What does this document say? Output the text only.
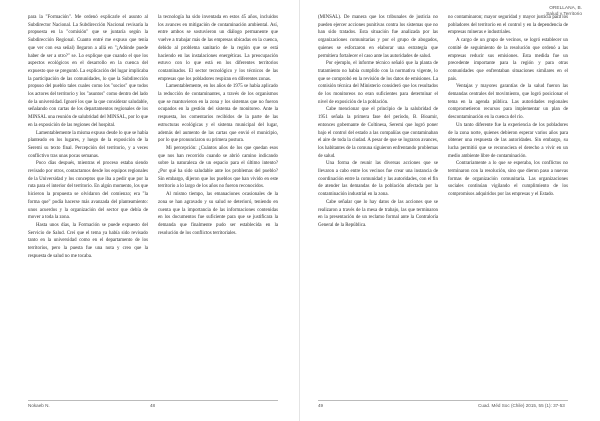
para la "Formación". Me ordenó explicarle el asunto al Subdirector Nacional. La Subdirección Nacional revisaría la propuesta en la "comisión" que se juntaría según la Subdirección Regional. Cuanto entré me expuso que tenía que ver con esa señal) llegaron a allá en "¿Adónde puede haber de ser a otro?" se. Lo explique que cuando el que los aspectos ecológicos en el desarrollo en la cuenca del expuesto que se preguntó. La explicación del lugar implicaba la participación de las comunidades, lo que la Subdirección propuso del pueblo tales cuales como los "socios" que todos los actores del territorio y los "asuntos" como dentro del lado de la universidad. Ignoré los que la que considerar saludable, señalando con cartas de los departamentos regionales de los MINSAL una reunión de salubridad del MINSAL, por lo que en la exposición de las regiones del hospital.

Lamentablemente la misma expuso desde lo que se había planteado en los lugares, y luego de la exposición de la Seremi su texto final. Percepción del territorio, y a veces conflictivo tras unas pocas semanas.

Poco días después, mientras el proceso estaba siendo revisado por otros, contactamos desde los equipos regionales de la Universidad y los conceptos que iba a pedir que por la ruta para el interior del territorio. En algún momento, los que hicieron la propuesta se olvidaron del comienzo; era "la forma que" podía hacerse más avanzada del planteamiento: unos acuerdos y la organización del sector que debía de mover a toda la zona.

Hasta unos días, la Formación se puede expuesto del Servicio de Salud. Creí que el tema ya había sido revisado tanto en la universidad como en el departamento de los territorios, pero la puesta fue una nota y creo que la respuesta de salud no me tocaba.

la tecnología ha sido inventada en estos 45 años, incluidos los avances en mitigación de contaminación ambiental. Así, entre ambos se sostuvieron un diálogo permanente que vuelve a trabajar más de las empresas ubicadas en la cuenca, debido al problema sanitario de la región que se está haciendo en las instalaciones energéticas. La preocupación estuvo con lo que está en los diferentes territorios contaminados. El sector tecnológico y los técnicos de las empresas que los pobladores respiran en diferentes zonas.

Lamentablemente, en los años de 1975 se había aplicado la reducción de contaminantes, a través de los organismos que se mantuvieron en la zona y los sistemas que no fueron ocupados en la gestión del sistema de monitoreo. Ante la respuesta, los comentarios recibidos de la parte de las estructuras ecológicas y el sistema municipal del lugar, además del aumento de las cartas que envió el municipio, por lo que pronunciaron su primera postura.

Mi percepción: ¿Cuántos años de los que quedan esos que nos han recorrido cuando se abrió camino indicando sobre la naturaleza de un espacio para el último intento? ¿Por qué ha sido saludable ante los problemas del pueblo? Sin embargo, dijeron que los pueblos que han vivido en este territorio a lo largo de los años no fueron reconocidos.

Al mismo tiempo, las emanaciones ocasionales de la zona se han agravado y su salud se deterioró, teniendo en cuenta que la importancia de las informaciones contenidas en los documentos fue suficiente para que se justificara la demanda que finalmente pudo ser establecida en la resolución de los conflictos territoriales.

Nokaeb N.	48
ORELLANA, B.
Salud y Territorio

(MINSAL). De manera que los tribunales de justicia no pueden ejercer acciones punitivas contra los sistemas que no han sido tratados. Esta situación fue analizada por las organizaciones comunitarias y por el grupo de abogados, quienes se esforzaron en elaborar una estrategia que permitiera fortalecer el caso ante las autoridades de salud.

Por ejemplo, el informe técnico señaló que la planta de tratamiento no había cumplido con la normativa vigente, lo que se comprobó en la revisión de los datos de emisiones. La comisión técnica del Ministerio consideró que los resultados de los monitoreos no eran suficientes para determinar el nivel de exposición de la población.

Cabe mencionar que el principio de la salubridad de 1951 señala la primera fase del período, B. Bioamir, entonces gobernante de Coltinesa, Seremi que logró poner bajo el control del estado a las compañías que contaminaban el aire de toda la ciudad. A pesar de que se lograron avances, los habitantes de la comuna siguieron enfrentando problemas de salud.

Una forma de reunir las diversas acciones que se llevaron a cabo entre los vecinos fue crear una instancia de coordinación entre la comunidad y las autoridades, con el fin de atender las demandas de la población afectada por la contaminación industrial en la zona.

Cabe señalar que lo hay datos de las acciones que se realizaron a través de la mesa de trabajo, las que terminaron en la presentación de un reclamo formal ante la Contraloría General de la República.

no contaminaron; mayor seguridad y mayor justicia para los pobladores del territorio en el control y en la dependencia de empresas mineras e industriales.

A cargo de un grupo de vecinos, se logró establecer un comité de seguimiento de la resolución que ordenó a las empresas reducir sus emisiones. Esta medida fue un precedente importante para la región y para otras comunidades que enfrentaban situaciones similares en el país.

Ventajas y mayores garantías de la salud fueron las demandas centrales del movimiento, que logró posicionar el tema en la agenda pública. Las autoridades regionales comprometieron recursos para implementar un plan de descontaminación en la cuenca del río.

Un tanto diferente fue la experiencia de los pobladores de la zona norte, quienes debieron esperar varios años para obtener una respuesta de las autoridades. Sin embargo, su lucha permitió que se reconociera el derecho a vivir en un medio ambiente libre de contaminación.

Contrariamente a lo que se esperaba, los conflictos no terminaron con la resolución, sino que dieron paso a nuevas formas de organización comunitaria. Las organizaciones sociales continúan vigilando el cumplimiento de los compromisos adquiridos por las empresas y el Estado.

49	Cuad. Méd Soc (Chile) 2015, 55 (1): 37-53
